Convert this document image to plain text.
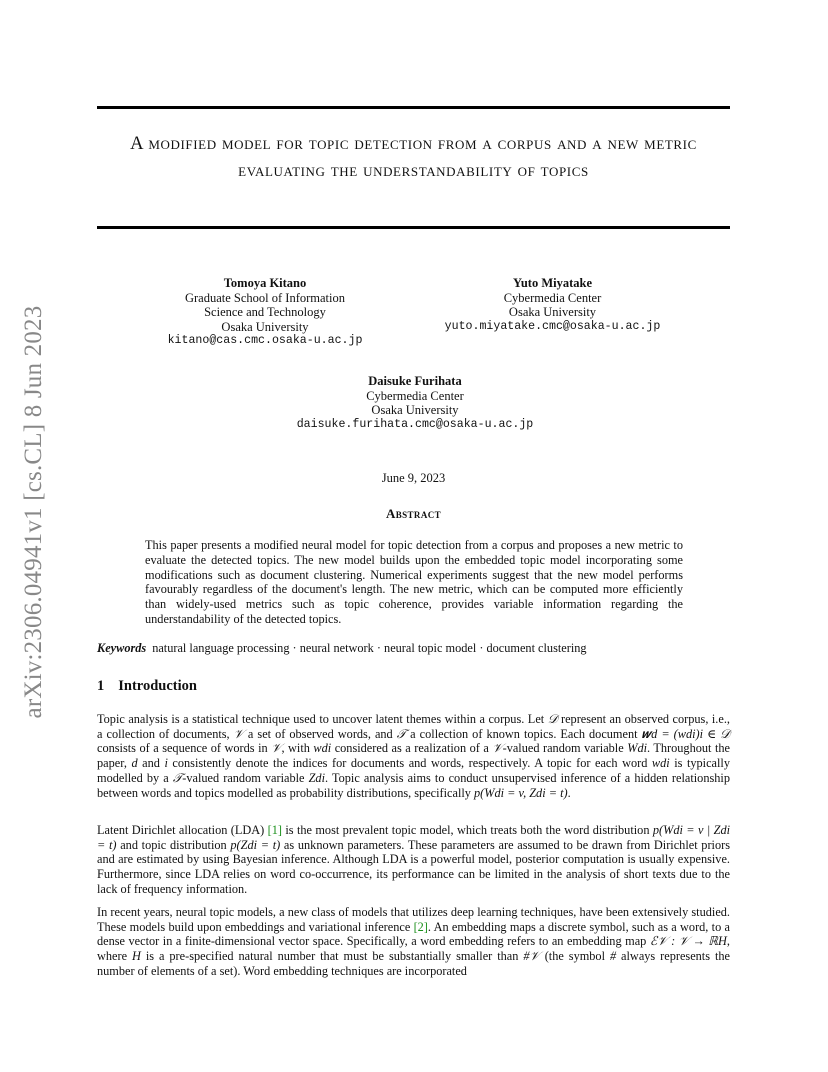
arXiv:2306.04941v1 [cs.CL] 8 Jun 2023
A modified model for topic detection from a corpus and a new metric evaluating the understandability of topics
Tomoya Kitano
Graduate School of Information
Science and Technology
Osaka University
kitano@cas.cmc.osaka-u.ac.jp
Yuto Miyatake
Cybermedia Center
Osaka University
yuto.miyatake.cmc@osaka-u.ac.jp
Daisuke Furihata
Cybermedia Center
Osaka University
daisuke.furihata.cmc@osaka-u.ac.jp
June 9, 2023
Abstract
This paper presents a modified neural model for topic detection from a corpus and proposes a new metric to evaluate the detected topics. The new model builds upon the embedded topic model incorporating some modifications such as document clustering. Numerical experiments suggest that the new model performs favourably regardless of the document's length. The new metric, which can be computed more efficiently than widely-used metrics such as topic coherence, provides variable information regarding the understandability of the detected topics.
Keywords natural language processing · neural network · neural topic model · document clustering
1 Introduction
Topic analysis is a statistical technique used to uncover latent themes within a corpus. Let 𝒟 represent an observed corpus, i.e., a collection of documents, 𝒱 a set of observed words, and 𝒯 a collection of known topics. Each document 𝒘d = (wdi)i ∈ 𝒟 consists of a sequence of words in 𝒱, with wdi considered as a realization of a 𝒱-valued random variable Wdi. Throughout the paper, d and i consistently denote the indices for documents and words, respectively. A topic for each word wdi is typically modelled by a 𝒯-valued random variable Zdi. Topic analysis aims to conduct unsupervised inference of a hidden relationship between words and topics modelled as probability distributions, specifically p(Wdi = v, Zdi = t).
Latent Dirichlet allocation (LDA) [1] is the most prevalent topic model, which treats both the word distribution p(Wdi = v | Zdi = t) and topic distribution p(Zdi = t) as unknown parameters. These parameters are assumed to be drawn from Dirichlet priors and are estimated by using Bayesian inference. Although LDA is a powerful model, posterior computation is usually expensive. Furthermore, since LDA relies on word co-occurrence, its performance can be limited in the analysis of short texts due to the lack of frequency information.
In recent years, neural topic models, a new class of models that utilizes deep learning techniques, have been extensively studied. These models build upon embeddings and variational inference [2]. An embedding maps a discrete symbol, such as a word, to a dense vector in a finite-dimensional vector space. Specifically, a word embedding refers to an embedding map ℰ𝒱 : 𝒱 → ℝH, where H is a pre-specified natural number that must be substantially smaller than #𝒱 (the symbol # always represents the number of elements of a set). Word embedding techniques are incorporated
